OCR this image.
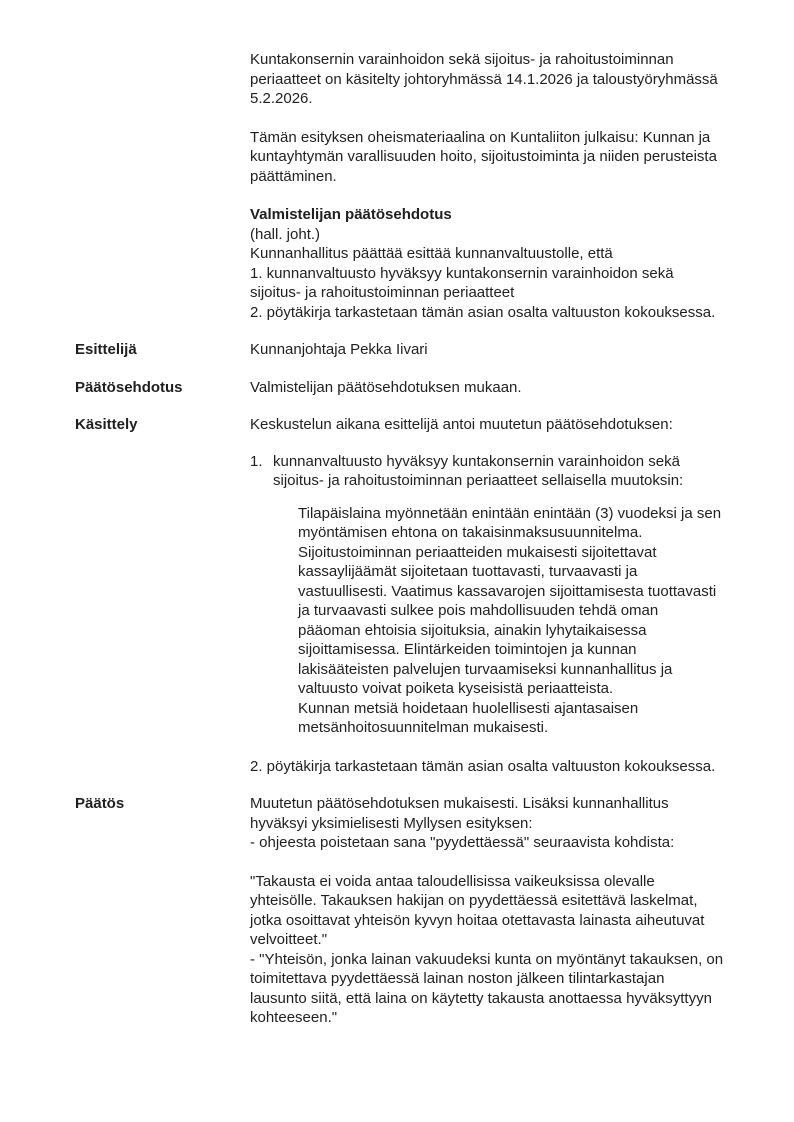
Kuntakonsernin varainhoidon sekä sijoitus- ja rahoitustoiminnan periaatteet on käsitelty johtoryhmässä 14.1.2026 ja taloustyöryhmässä 5.2.2026.

Tämän esityksen oheismateriaalina on Kuntaliiton julkaisu: Kunnan ja kuntayhtymän varallisuuden hoito, sijoitustoiminta ja niiden perusteista päättäminen.

Valmistelijan päätösehdotus
(hall. joht.)
Kunnanhallitus päättää esittää kunnanvaltuustolle, että
1. kunnanvaltuusto hyväksyy kuntakonsernin varainhoidon sekä sijoitus- ja rahoitustoiminnan periaatteet
2. pöytäkirja tarkastetaan tämän asian osalta valtuuston kokouksessa.
Esittelijä	Kunnanjohtaja Pekka Iivari

Päätösehdotus	Valmistelijan päätösehdotuksen mukaan.

Käsittely	Keskustelun aikana esittelijä antoi muutetun päätösehdotuksen:

1. kunnanvaltuusto hyväksyy kuntakonsernin varainhoidon sekä sijoitus- ja rahoitustoiminnan periaatteet sellaisella muutoksin:

Tilapäislaina myönnetään enintään enintään (3) vuodeksi ja sen myöntämisen ehtona on takaisinmaksusuunnitelma. Sijoitustoiminnan periaatteiden mukaisesti sijoitettavat kassaylijäämät sijoitetaan tuottavasti, turvaavasti ja vastuullisesti. Vaatimus kassavarojen sijoittamisesta tuottavasti ja turvaavasti sulkee pois mahdollisuuden tehdä oman pääoman ehtoisia sijoituksia, ainakin lyhytaikaisessa sijoittamisessa. Elintärkeiden toimintojen ja kunnan lakisääteisten palvelujen turvaamiseksi kunnanhallitus ja valtuusto voivat poiketa kyseisistä periaatteista.

Kunnan metsiä hoidetaan huolellisesti ajantasaisen metsänhoitosuunnitelman mukaisesti.

2. pöytäkirja tarkastetaan tämän asian osalta valtuuston kokouksessa.

Päätös	Muutetun päätösehdotuksen mukaisesti. Lisäksi kunnanhallitus hyväksyi yksimielisesti Myllysen esityksen:
- ohjeesta poistetaan sana "pyydettäessä" seuraavista kohdista:

"Takausta ei voida antaa taloudellisissa vaikeuksissa olevalle yhteisölle. Takauksen hakijan on pyydettäessä esitettävä laskelmat, jotka osoittavat yhteisön kyvyn hoitaa otettavasta lainasta aiheutuvat velvoitteet."

- "Yhteisön, jonka lainan vakuudeksi kunta on myöntänyt takauksen, on toimitettava pyydettäessä lainan noston jälkeen tilintarkastajan lausunto siitä, että laina on käytetty takausta anottaessa hyväksyttyyn kohteeseen."
